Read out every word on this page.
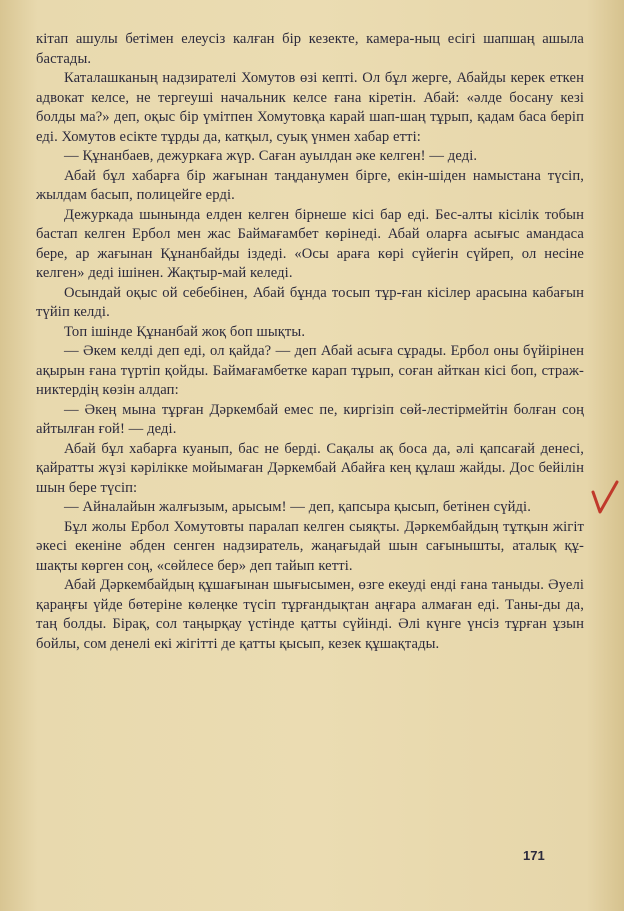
кітап ашулы бетімен елеусіз калған бір кезекте, камера-ныц есігі шапшаң ашыла бастады.

Каталашканың надзирателі Хомутов өзі кепті. Ол бұл жерге, Абайды керек еткен адвокат келсе, не тергеуші начальник келсе ғана кіретін. Абай: «әлде босану кезі болды ма?» деп, оқыс бір үмітпен Хомутовқа карай шап-шаң тұрып, қадам баса беріп еді. Хомутов есікте тұрды да, катқыл, суық үнмен хабар етті:

— Құнанбаев, дежуркаға жүр. Саған ауылдан әке келген! — деді.

Абай бұл хабарға бір жағынан таңданумен бірге, екін-шіден намыстана түсіп, жылдам басып, полицейге ерді.

Дежуркада шынында елден келген бірнеше кісі бар еді. Бес-алты кісілік тобын бастап келген Ербол мен жас Баймағамбет көрінеді. Абай оларға асығыс амандаса бере, ар жағынан Құнанбайды іздеді. «Осы араға көрі сүйегін сүйреп, ол неcіне келген» деді ішінен. Жақтыр-май келеді.

Осындай оқыс ой себебінен, Абай бұнда тосып тұр-ған кісілер арасына кабағын түйіп келді.

Топ ішінде Құнанбай жоқ боп шықты.

— Әкем келді деп еді, ол қайда? — деп Абай асыға сұрады. Ербол оны бүйірінен ақырын ғана түртіп қойды. Баймағамбетке карап тұрып, соған айткан кісі боп, страж-никтердің көзін алдап:

— Әкең мына тұрған Дәркембай емес пе, киргізіп сөй-лестірмейтін болған соң айтылған ғой! — деді.

Абай бұл хабарға куанып, бас не берді. Сақалы ақ боса да, әлі қапсағай денесі, қайратты жүзі кәрілікке мойымаған Дәркембай Абайға кең құлаш жайды. Дос бейілін шын бере түсіп:

— Айналайын жалғызым, арысым! — деп, қапсыра қысып, бетінен сүйді.

Бұл жолы Ербол Хомутовты паралап келген сыяқты. Дәркембайдың тұтқын жігіт әкесі екеніне әбден сенген надзиратель, жаңағыдай шын сағынышты, аталық құ-шақты көрген соң, «сөйлесе бер» деп тайып кетті.

Абай Дәркембайдың құшағынан шығысымен, өзге екеуді енді ғана таныды. Әуелі қараңғы үйде бөтеріне көлеңке түсіп тұрғандықтан аңғара алмаған еді. Таны-ды да, таң болды. Бірақ, сол таңырқау үстінде қатты сүйінді. Әлі күнге үнсіз тұрған ұзын бойлы, сом денелі екі жігітті де қатты қысып, кезек құшақтады.

171
